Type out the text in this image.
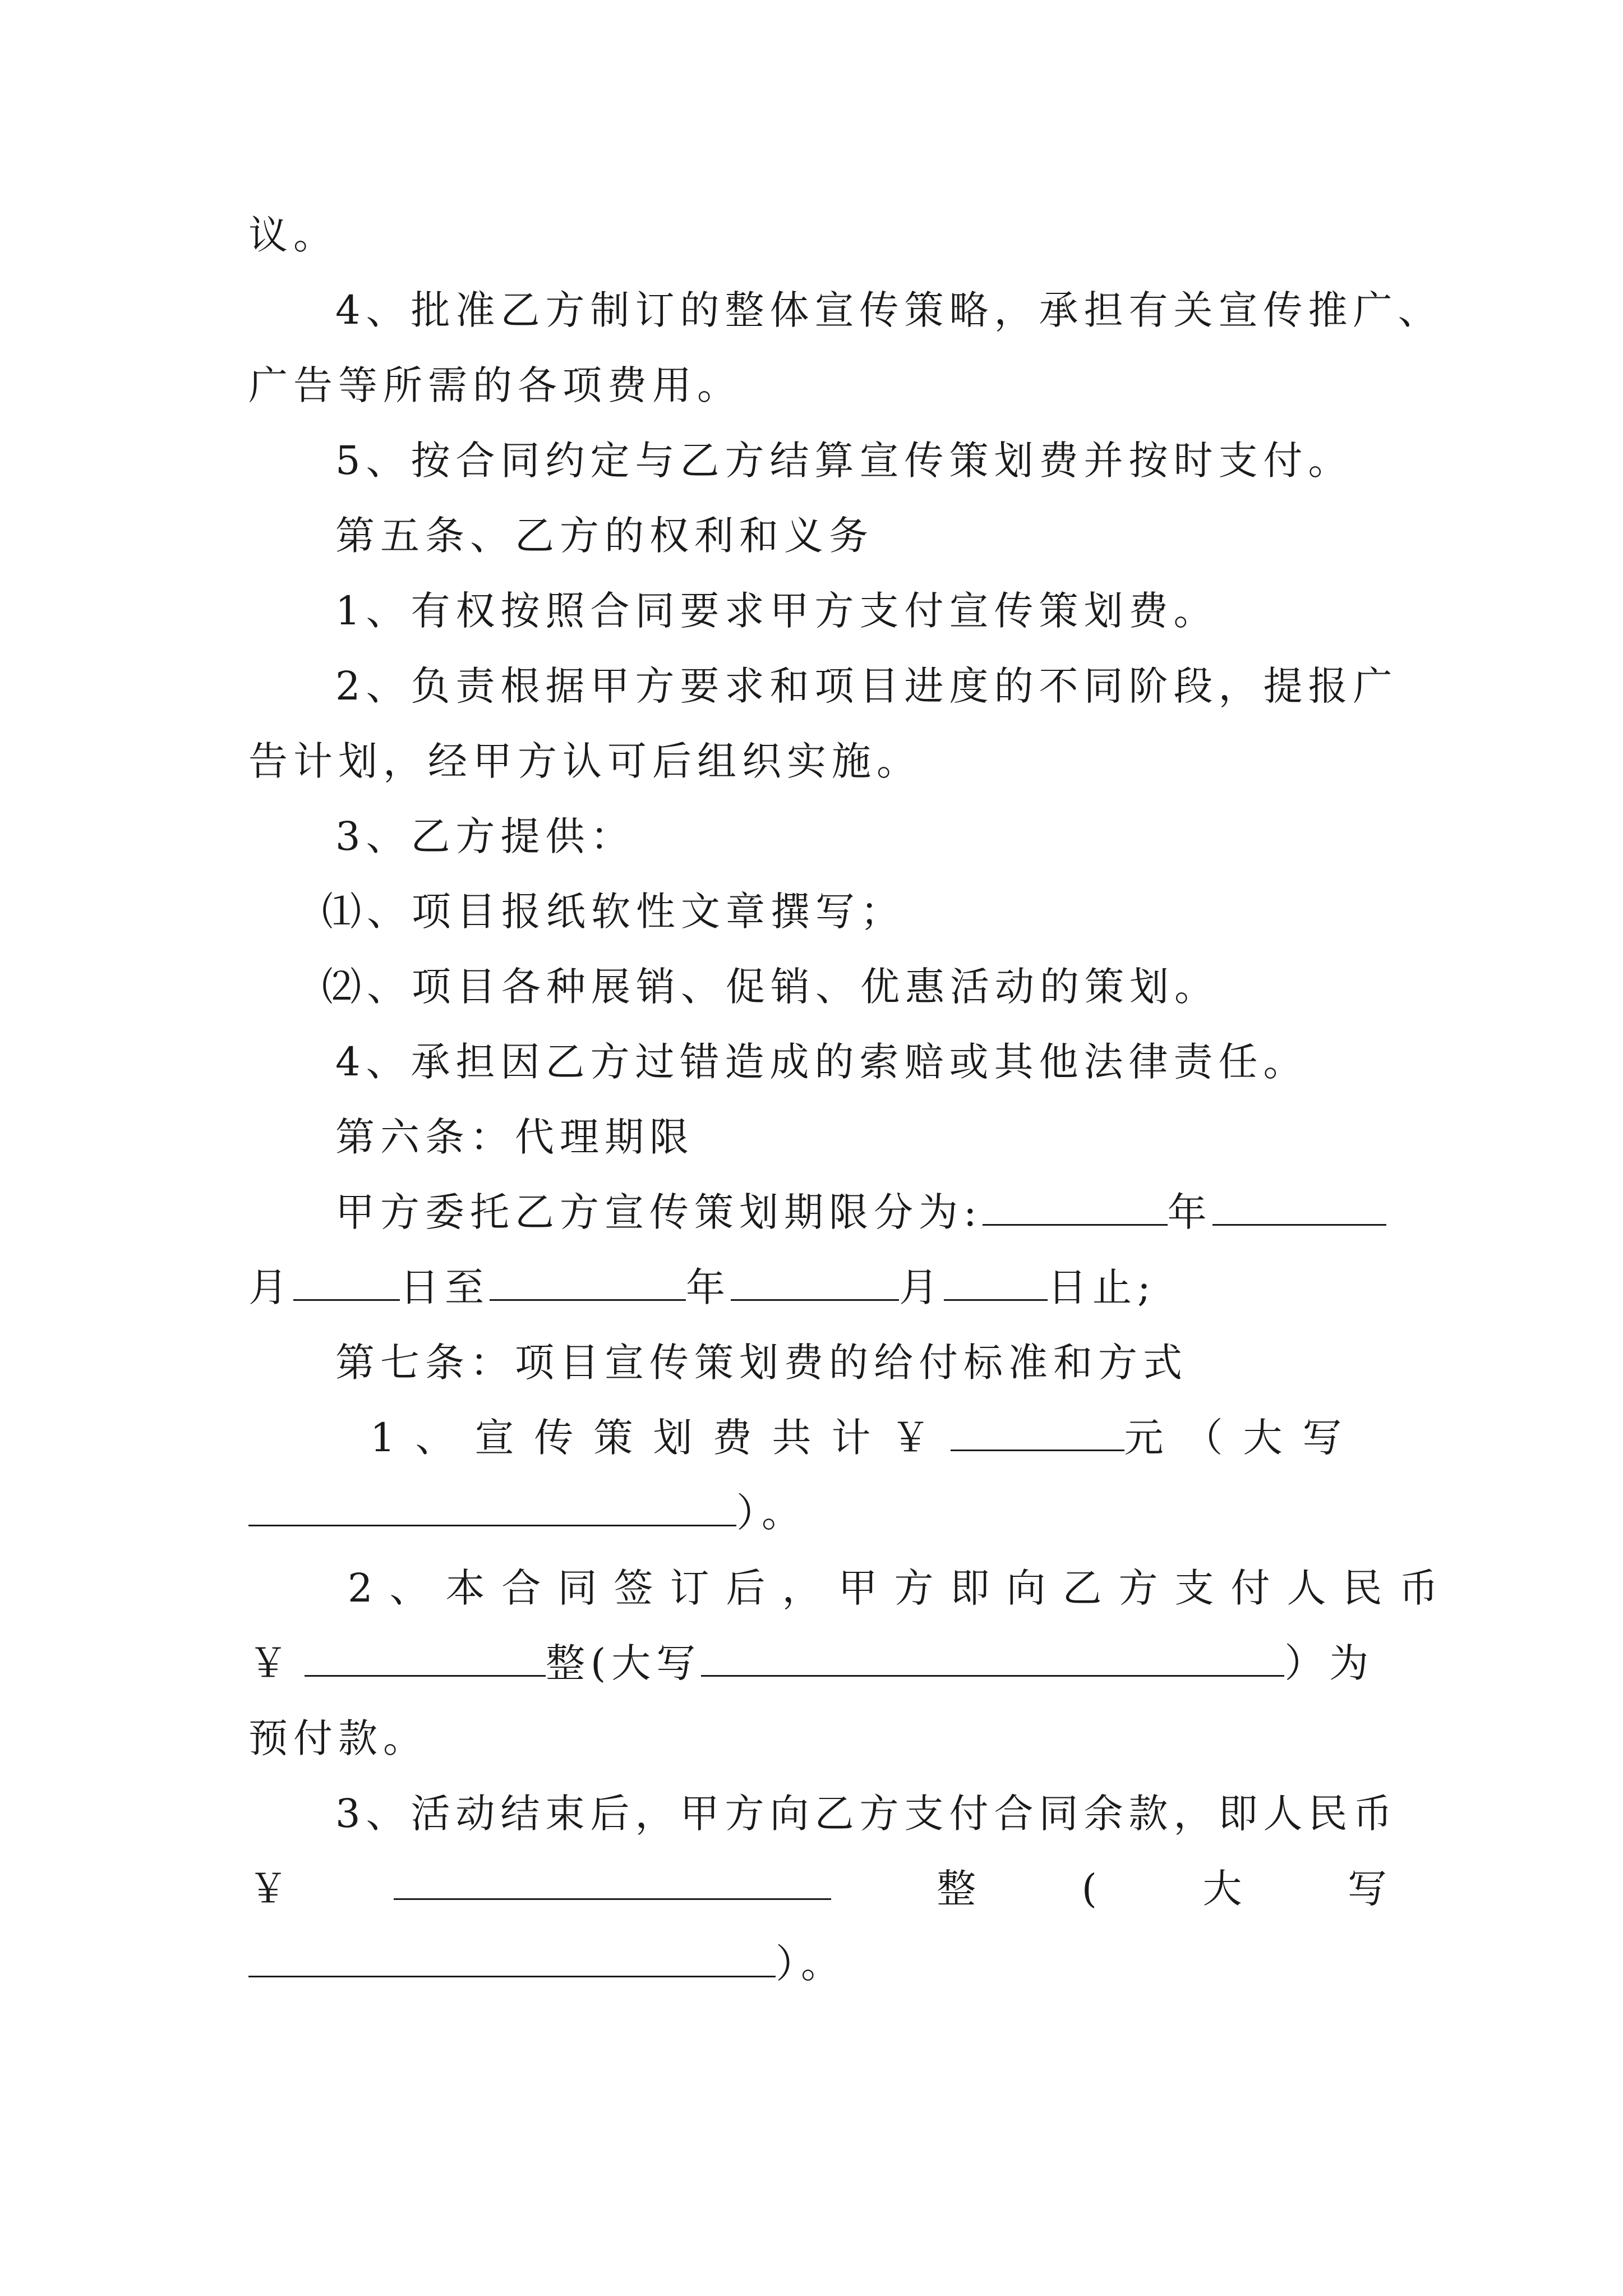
议。
4、批准乙方制订的整体宣传策略，承担有关宣传推广、
广告等所需的各项费用。
5、按合同约定与乙方结算宣传策划费并按时支付。
第五条、乙方的权利和义务
1、有权按照合同要求甲方支付宣传策划费。
2、负责根据甲方要求和项目进度的不同阶段，提报广
告计划，经甲方认可后组织实施。
3、乙方提供：
⑴、项目报纸软性文章撰写；
⑵、项目各种展销、促销、优惠活动的策划。
4、承担因乙方过错造成的索赔或其他法律责任。
第六条：代理期限
甲方委托乙方宣传策划期限分为:	年
月	日至	年	月	日止;
第七条：项目宣传策划费的给付标准和方式
1、宣传策划费共计￥	元（大写
）。
2、本合同签订后，甲方即向乙方支付人民币
￥	整(大写	）为
预付款。
3、活动结束后，甲方向乙方支付合同余款，即人民币
￥	整	(	大	写
）。
